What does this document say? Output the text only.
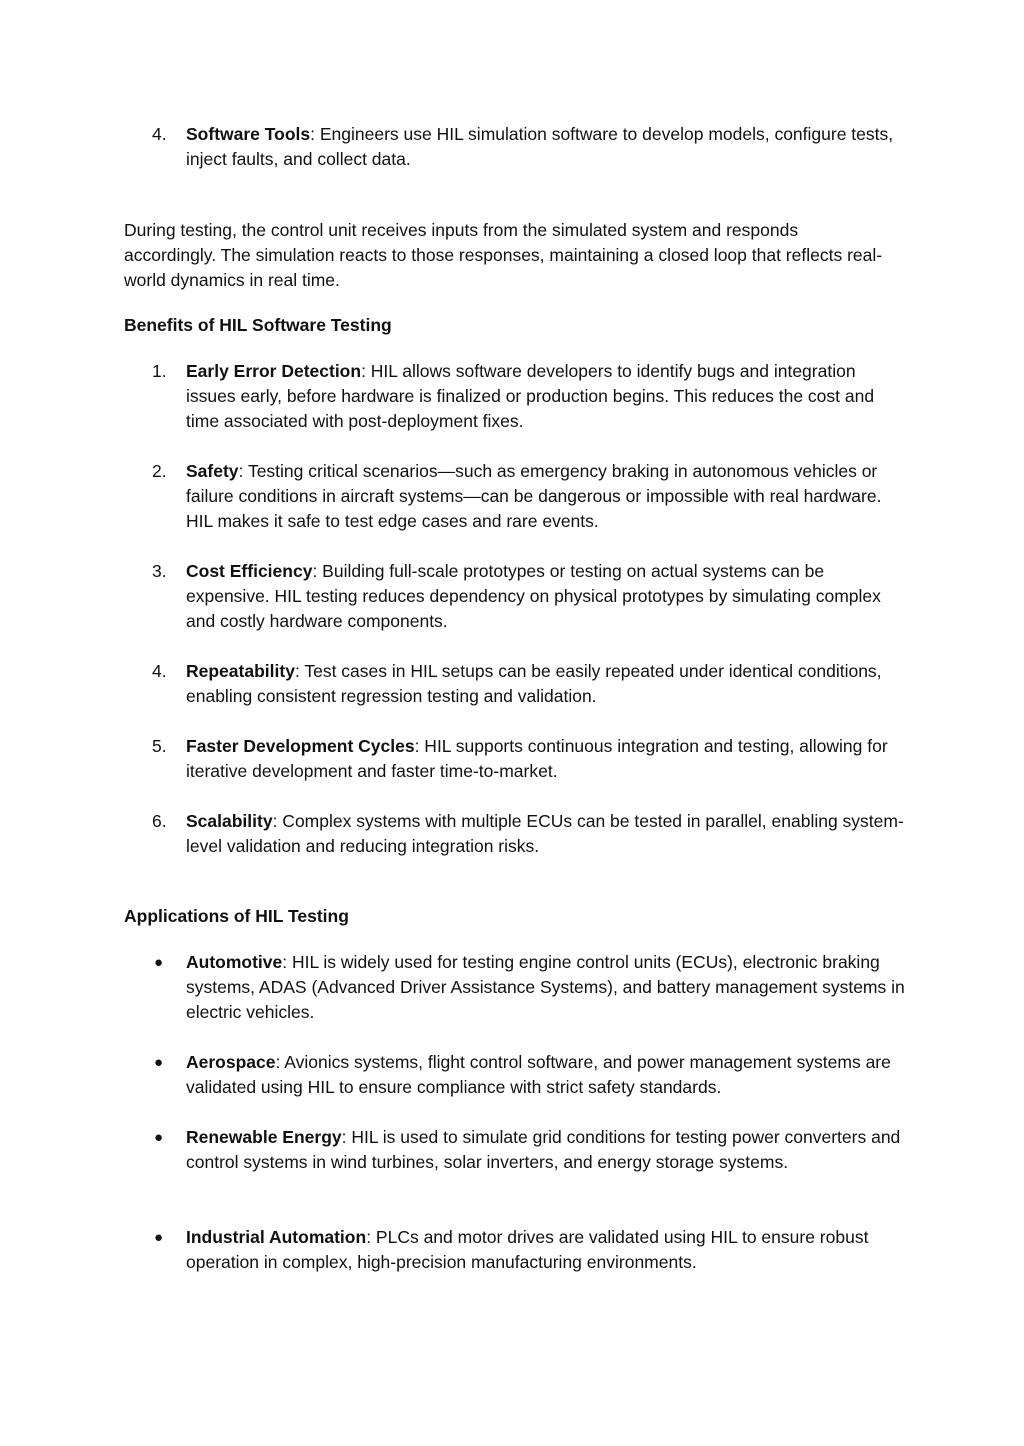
4.	Software Tools: Engineers use HIL simulation software to develop models, configure tests, inject faults, and collect data.

During testing, the control unit receives inputs from the simulated system and responds accordingly. The simulation reacts to those responses, maintaining a closed loop that reflects real-world dynamics in real time.

Benefits of HIL Software Testing
1.	Early Error Detection: HIL allows software developers to identify bugs and integration issues early, before hardware is finalized or production begins. This reduces the cost and time associated with post-deployment fixes.
2.	Safety: Testing critical scenarios—such as emergency braking in autonomous vehicles or failure conditions in aircraft systems—can be dangerous or impossible with real hardware. HIL makes it safe to test edge cases and rare events.
3.	Cost Efficiency: Building full-scale prototypes or testing on actual systems can be expensive. HIL testing reduces dependency on physical prototypes by simulating complex and costly hardware components.
4.	Repeatability: Test cases in HIL setups can be easily repeated under identical conditions, enabling consistent regression testing and validation.
5.	Faster Development Cycles: HIL supports continuous integration and testing, allowing for iterative development and faster time-to-market.
6.	Scalability: Complex systems with multiple ECUs can be tested in parallel, enabling system-level validation and reducing integration risks.
Applications of HIL Testing
● Automotive: HIL is widely used for testing engine control units (ECUs), electronic braking systems, ADAS (Advanced Driver Assistance Systems), and battery management systems in electric vehicles.
● Aerospace: Avionics systems, flight control software, and power management systems are validated using HIL to ensure compliance with strict safety standards.
● Renewable Energy: HIL is used to simulate grid conditions for testing power converters and control systems in wind turbines, solar inverters, and energy storage systems.
● Industrial Automation: PLCs and motor drives are validated using HIL to ensure robust operation in complex, high-precision manufacturing environments.
